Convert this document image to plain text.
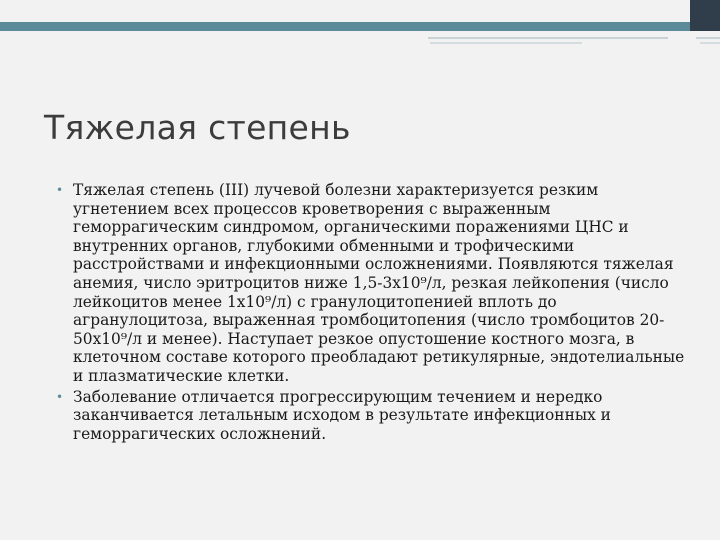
Тяжелая степень
• Тяжелая степень (III) лучевой болезни характеризуется резким угнетением всех процессов кроветворения с выраженным геморрагическим синдромом, органическими поражениями ЦНС и внутренних органов, глубокими обменными и трофическими расстройствами и инфекционными осложнениями. Появляются тяжелая анемия, число эритроцитов ниже 1,5-3х10⁹/л, резкая лейкопения (число лейкоцитов менее 1х10⁹/л) с гранулоцитопенией вплоть до агранулоцитоза, выраженная тромбоцитопения (число тромбоцитов 20-50х10⁹/л и менее). Наступает резкое опустошение костного мозга, в клеточном составе которого преобладают ретикулярные, эндотелиальные и плазматические клетки.
• Заболевание отличается прогрессирующим течением и нередко заканчивается летальным исходом в результате инфекционных и геморрагических осложнений.
